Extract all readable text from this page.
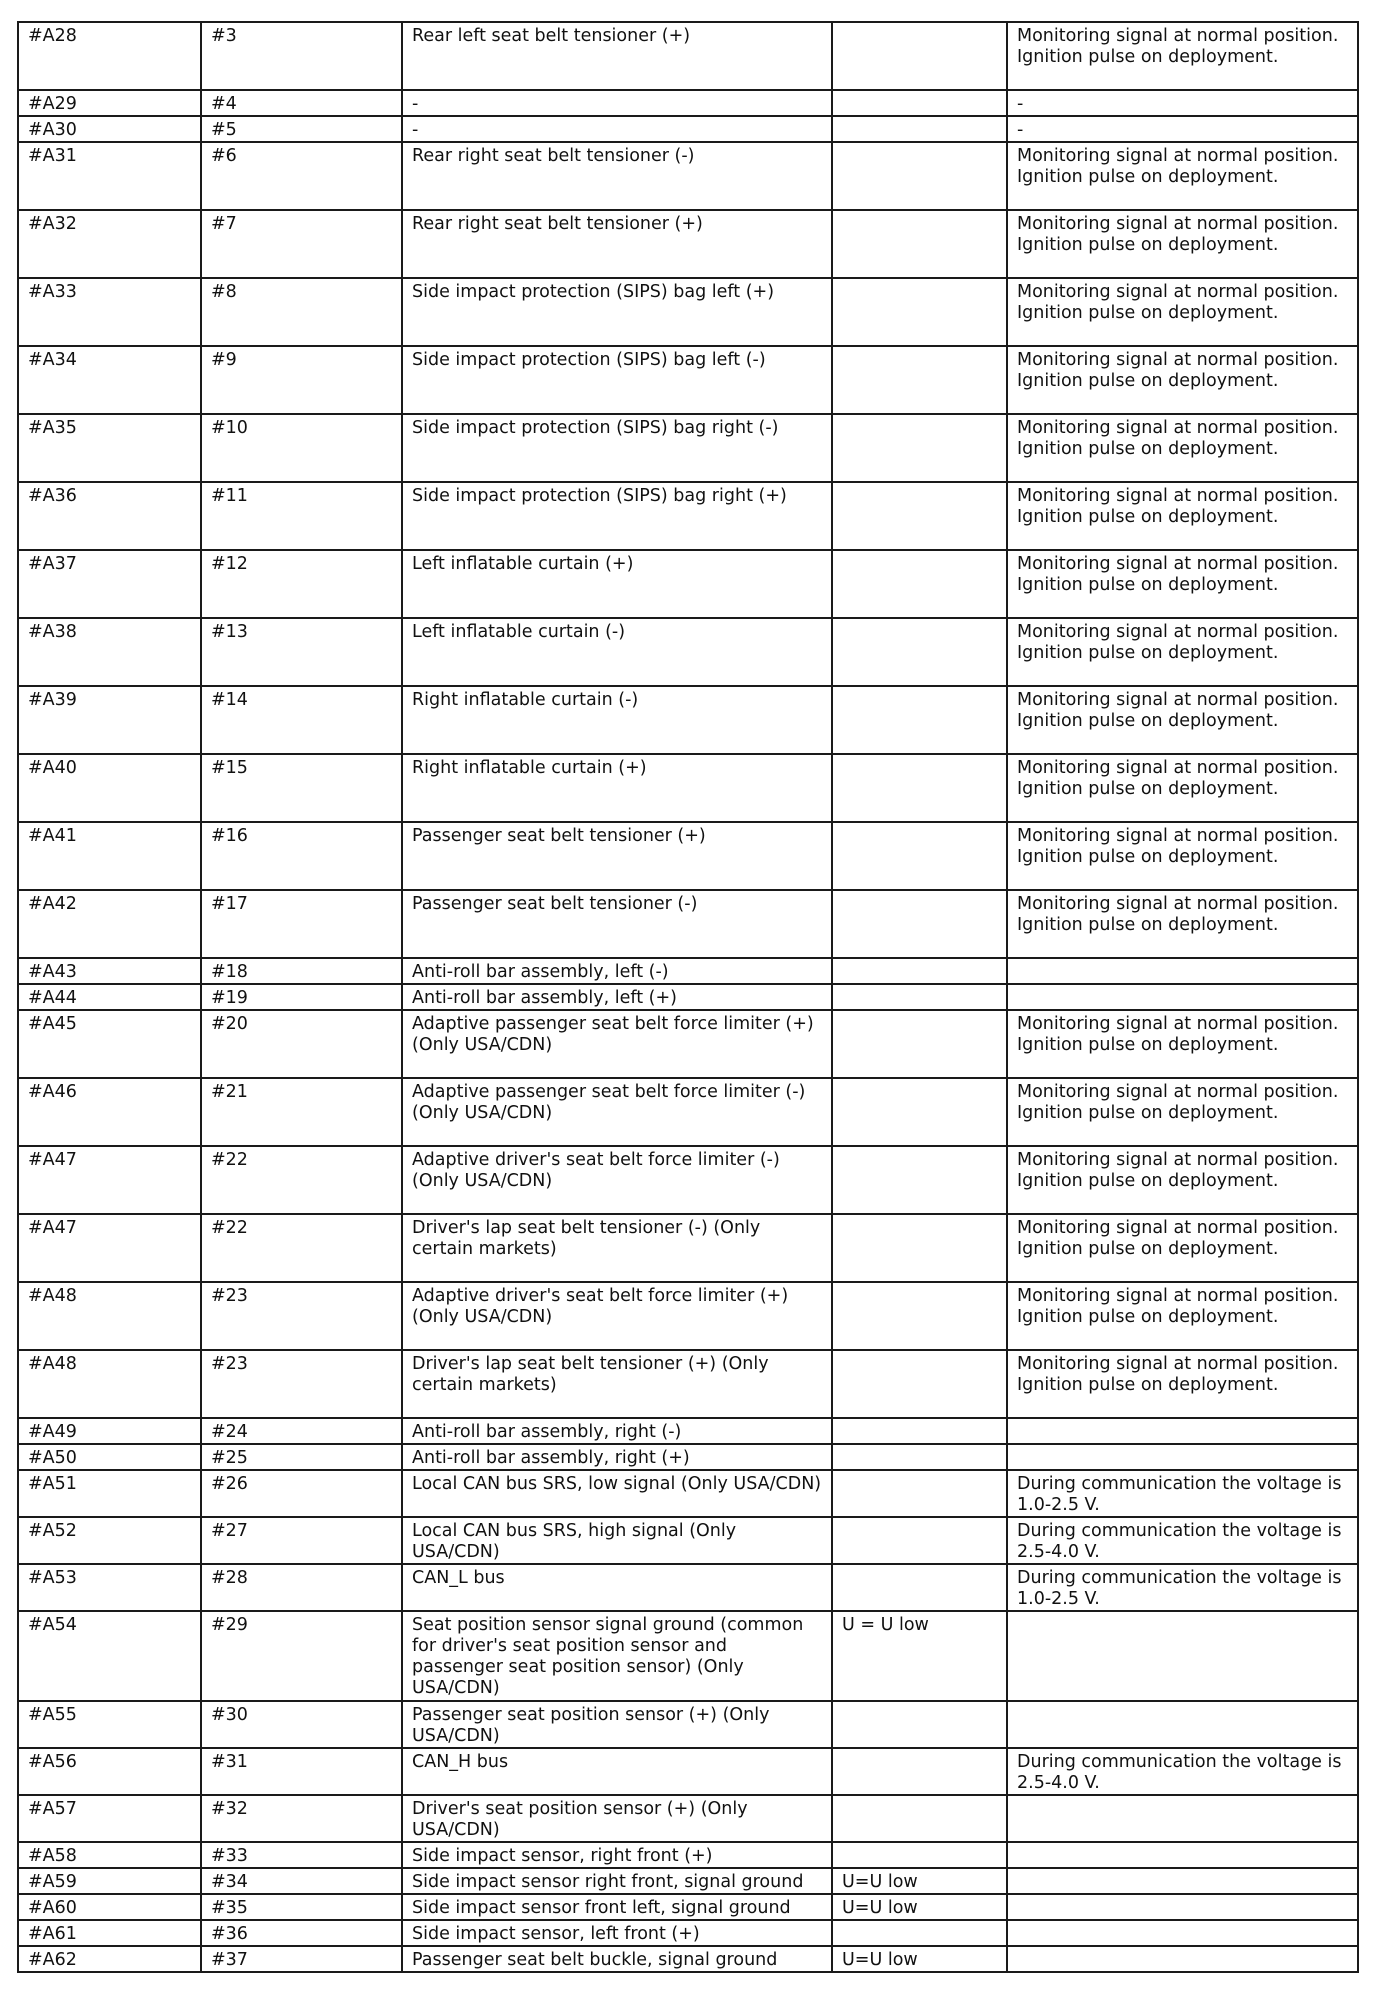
#A28	#3	Rear left seat belt tensioner (+)		Monitoring signal at normal position. Ignition pulse on deployment.
#A29	#4	-		-
#A30	#5	-		-
#A31	#6	Rear right seat belt tensioner (-)		Monitoring signal at normal position. Ignition pulse on deployment.
#A32	#7	Rear right seat belt tensioner (+)		Monitoring signal at normal position. Ignition pulse on deployment.
#A33	#8	Side impact protection (SIPS) bag left (+)		Monitoring signal at normal position. Ignition pulse on deployment.
#A34	#9	Side impact protection (SIPS) bag left (-)		Monitoring signal at normal position. Ignition pulse on deployment.
#A35	#10	Side impact protection (SIPS) bag right (-)		Monitoring signal at normal position. Ignition pulse on deployment.
#A36	#11	Side impact protection (SIPS) bag right (+)		Monitoring signal at normal position. Ignition pulse on deployment.
#A37	#12	Left inflatable curtain (+)		Monitoring signal at normal position. Ignition pulse on deployment.
#A38	#13	Left inflatable curtain (-)		Monitoring signal at normal position. Ignition pulse on deployment.
#A39	#14	Right inflatable curtain (-)		Monitoring signal at normal position. Ignition pulse on deployment.
#A40	#15	Right inflatable curtain (+)		Monitoring signal at normal position. Ignition pulse on deployment.
#A41	#16	Passenger seat belt tensioner (+)		Monitoring signal at normal position. Ignition pulse on deployment.
#A42	#17	Passenger seat belt tensioner (-)		Monitoring signal at normal position. Ignition pulse on deployment.
#A43	#18	Anti-roll bar assembly, left (-)		
#A44	#19	Anti-roll bar assembly, left (+)		
#A45	#20	Adaptive passenger seat belt force limiter (+) (Only USA/CDN)		Monitoring signal at normal position. Ignition pulse on deployment.
#A46	#21	Adaptive passenger seat belt force limiter (-) (Only USA/CDN)		Monitoring signal at normal position. Ignition pulse on deployment.
#A47	#22	Adaptive driver's seat belt force limiter (-) (Only USA/CDN)		Monitoring signal at normal position. Ignition pulse on deployment.
#A47	#22	Driver's lap seat belt tensioner (-) (Only certain markets)		Monitoring signal at normal position. Ignition pulse on deployment.
#A48	#23	Adaptive driver's seat belt force limiter (+) (Only USA/CDN)		Monitoring signal at normal position. Ignition pulse on deployment.
#A48	#23	Driver's lap seat belt tensioner (+) (Only certain markets)		Monitoring signal at normal position. Ignition pulse on deployment.
#A49	#24	Anti-roll bar assembly, right (-)		
#A50	#25	Anti-roll bar assembly, right (+)		
#A51	#26	Local CAN bus SRS, low signal (Only USA/CDN)		During communication the voltage is 1.0-2.5 V.
#A52	#27	Local CAN bus SRS, high signal (Only USA/CDN)		During communication the voltage is 2.5-4.0 V.
#A53	#28	CAN_L bus		During communication the voltage is 1.0-2.5 V.
#A54	#29	Seat position sensor signal ground (common for driver's seat position sensor and passenger seat position sensor) (Only USA/CDN)	U = U low	
#A55	#30	Passenger seat position sensor (+) (Only USA/CDN)		
#A56	#31	CAN_H bus		During communication the voltage is 2.5-4.0 V.
#A57	#32	Driver's seat position sensor (+) (Only USA/CDN)		
#A58	#33	Side impact sensor, right front (+)		
#A59	#34	Side impact sensor right front, signal ground	U=U low	
#A60	#35	Side impact sensor front left, signal ground	U=U low	
#A61	#36	Side impact sensor, left front (+)		
#A62	#37	Passenger seat belt buckle, signal ground	U=U low	
